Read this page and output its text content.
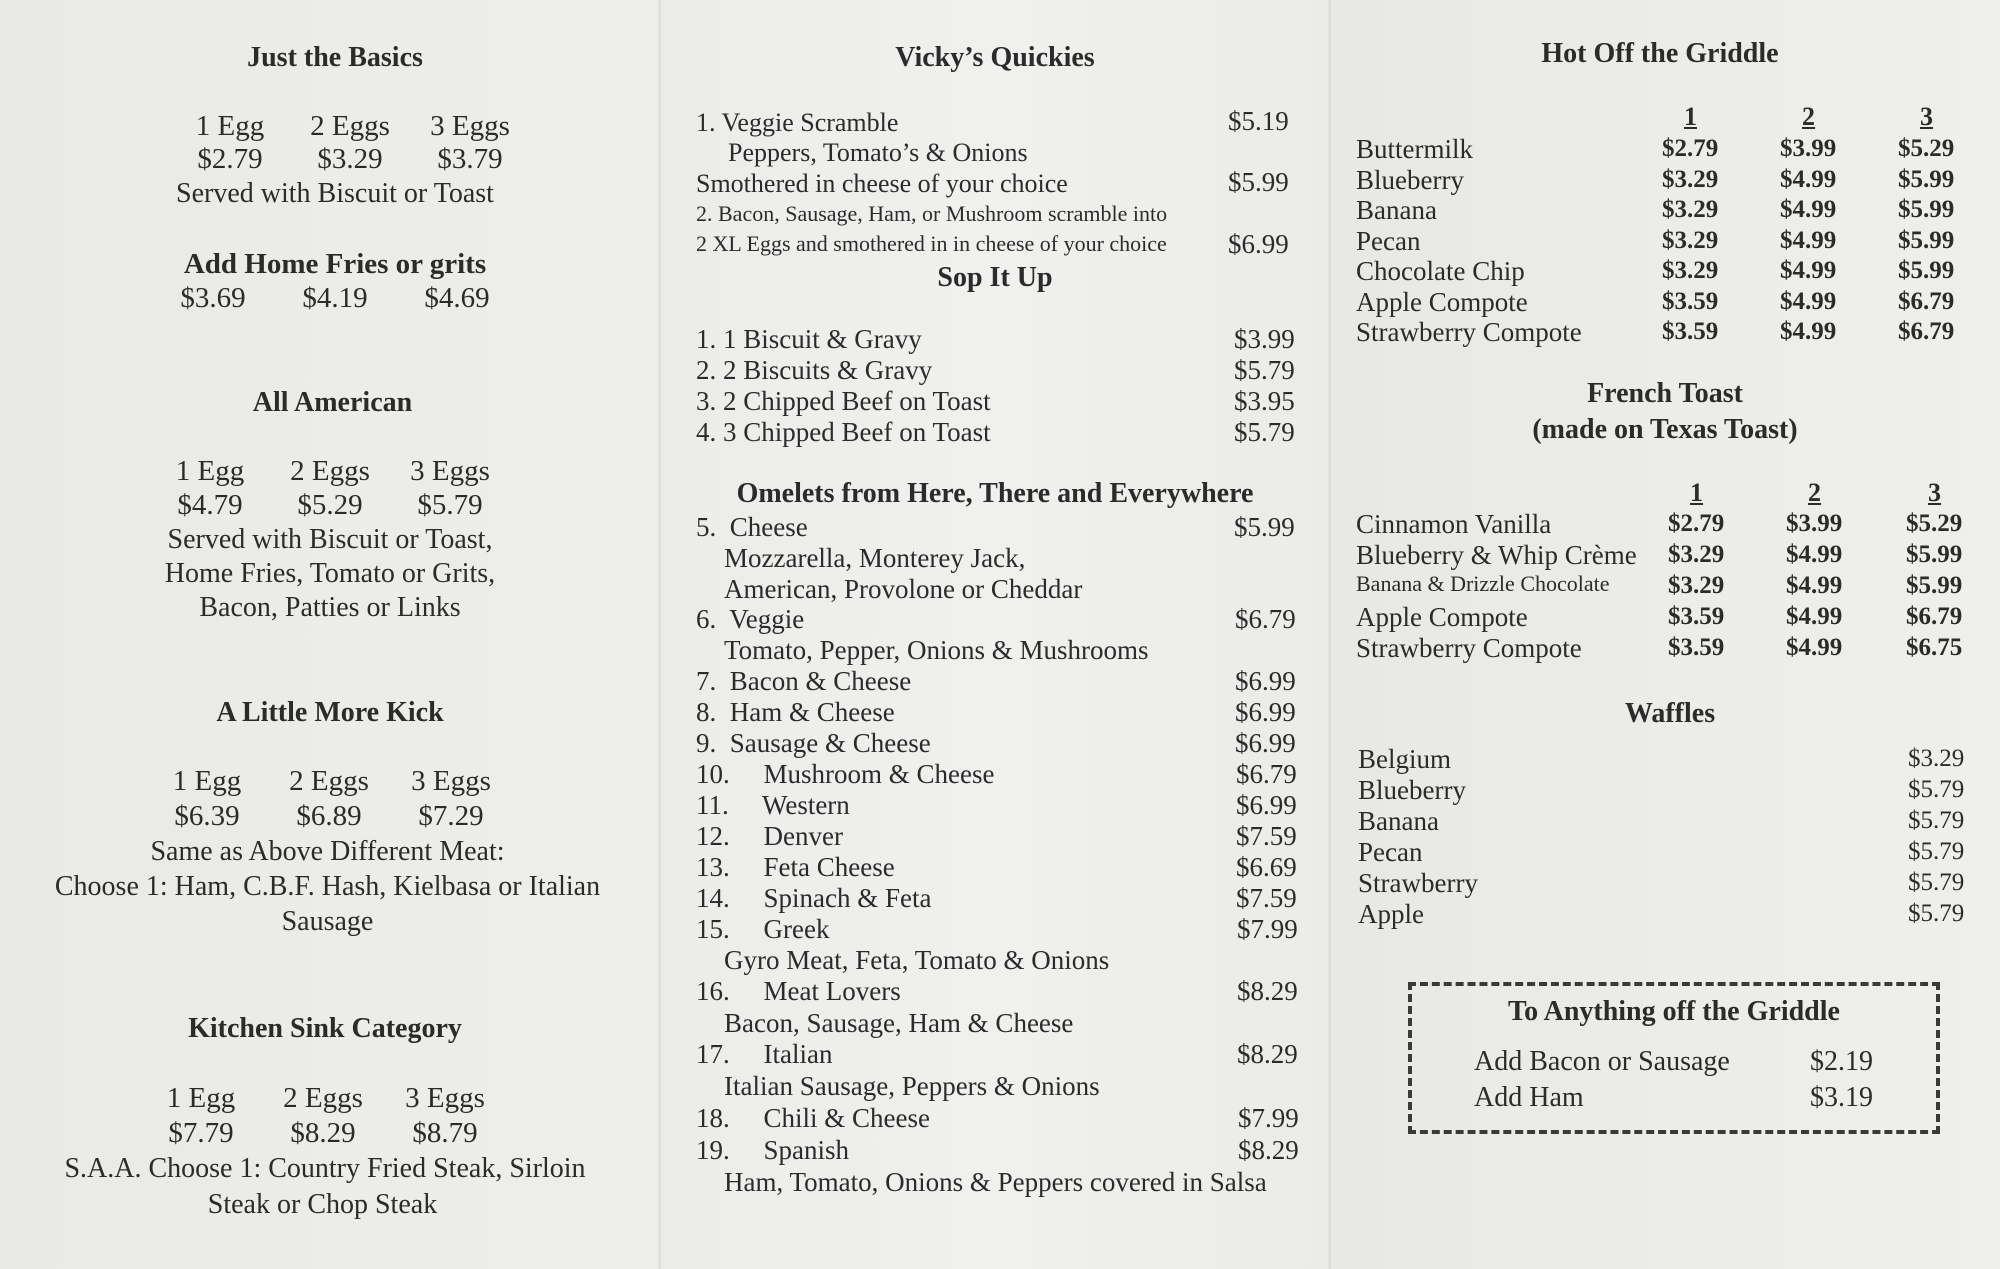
Just the Basics
1 Egg	2 Eggs	3 Eggs
$2.79	$3.29	$3.79
Served with Biscuit or Toast
Add Home Fries or grits
$3.69	$4.19	$4.69
All American
1 Egg	2 Eggs	3 Eggs
$4.79	$5.29	$5.79
Served with Biscuit or Toast,
Home Fries, Tomato or Grits,
Bacon, Patties or Links
A Little More Kick
1 Egg	2 Eggs	3 Eggs
$6.39	$6.89	$7.29
Same as Above Different Meat:
Choose 1: Ham, C.B.F. Hash, Kielbasa or Italian
Sausage
Kitchen Sink Category
1 Egg	2 Eggs	3 Eggs
$7.79	$8.29	$8.79
S.A.A. Choose 1: Country Fried Steak, Sirloin
Steak or Chop Steak
Vicky’s Quickies
1. Veggie Scramble	$5.19
Peppers, Tomato’s & Onions
Smothered in cheese of your choice	$5.99
2. Bacon, Sausage, Ham, or Mushroom scramble into
2 XL Eggs and smothered in in cheese of your choice $6.99
Sop It Up
1. 1 Biscuit & Gravy	$3.99
2. 2 Biscuits & Gravy	$5.79
3. 2 Chipped Beef on Toast	$3.95
4. 3 Chipped Beef on Toast	$5.79
Omelets from Here, There and Everywhere
5.  Cheese	$5.99
Mozzarella, Monterey Jack,
American, Provolone or Cheddar
6.  Veggie	$6.79
Tomato, Pepper, Onions & Mushrooms
7.  Bacon & Cheese	$6.99
8.  Ham & Cheese	$6.99
9.  Sausage & Cheese	$6.99
10.     Mushroom & Cheese	$6.79
11.     Western	$6.99
12.     Denver	$7.59
13.     Feta Cheese	$6.69
14.     Spinach & Feta	$7.59
15.     Greek	$7.99
Gyro Meat, Feta, Tomato & Onions
16.     Meat Lovers	$8.29
Bacon, Sausage, Ham & Cheese
17.     Italian	$8.29
Italian Sausage, Peppers & Onions
18.     Chili & Cheese	$7.99
19.     Spanish	$8.29
Ham, Tomato, Onions & Peppers covered in Salsa
Hot Off the Griddle
1	2	3
Buttermilk	$2.79 $3.99 $5.29
Blueberry	$3.29 $4.99 $5.99
Banana	$3.29 $4.99 $5.99
Pecan	$3.29 $4.99 $5.99
Chocolate Chip	$3.29 $4.99 $5.99
Apple Compote	$3.59 $4.99 $6.79
Strawberry Compote	$3.59 $4.99 $6.79
French Toast
(made on Texas Toast)
1	2	3
Cinnamon Vanilla	$2.79 $3.99	$5.29
Blueberry & Whip Crème $3.29 $4.99	$5.99
Banana & Drizzle Chocolate $3.29 $4.99	$5.99
Apple Compote	$3.59 $4.99	$6.79
Strawberry Compote	$3.59 $4.99	$6.75
Waffles
Belgium	$3.29
Blueberry	$5.79
Banana	$5.79
Pecan	$5.79
Strawberry	$5.79
Apple	$5.79
To Anything off the Griddle
Add Bacon or Sausage	$2.19
Add Ham	$3.19
